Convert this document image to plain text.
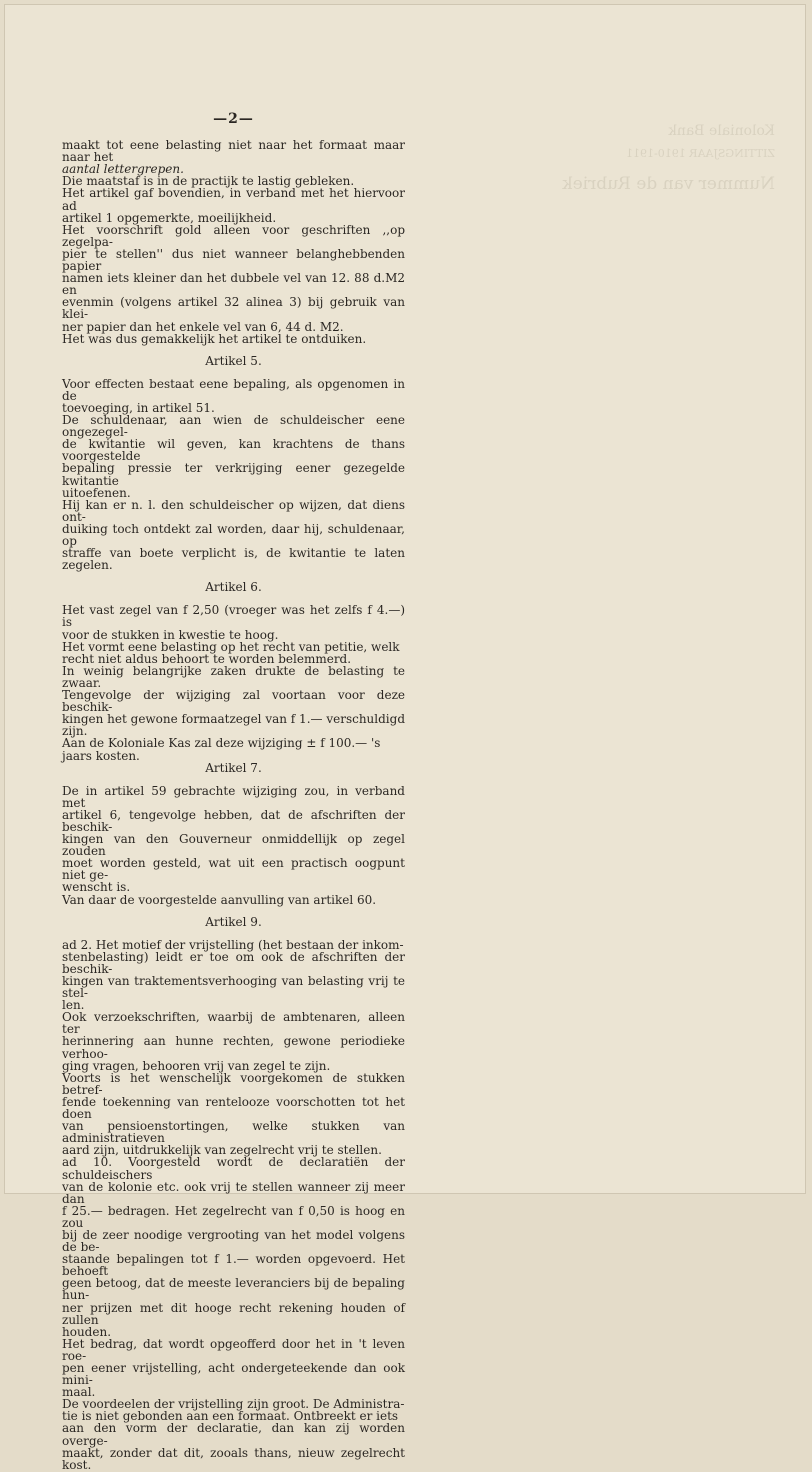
Koloniale Bank
ZITTINGSJAAR 1910-1911
Nummer van de Rubriek
—2—

maakt tot eene belasting niet naar het formaat maar naar het

aantal lettergrepen.

Die maatstaf is in de practijk te lastig gebleken.

Het artikel gaf bovendien, in verband met het hiervoor ad

artikel 1 opgemerkte, moeilijkheid.

Het voorschrift gold alleen voor geschriften ,,op zegelpa-

pier te stellen'' dus niet wanneer belanghebbenden papier

namen iets kleiner dan het dubbele vel van 12. 88 d.M2 en

evenmin (volgens artikel 32 alinea 3) bij gebruik van klei-

ner papier dan het enkele vel van 6, 44 d. M2.

Het was dus gemakkelijk het artikel te ontduiken.

Artikel 5.

Voor effecten bestaat eene bepaling, als opgenomen in de

toevoeging, in artikel 51.

De schuldenaar, aan wien de schuldeischer eene ongezegel-

de kwitantie wil geven, kan krachtens de thans voorgestelde

bepaling pressie ter verkrijging eener gezegelde kwitantie

uitoefenen.

Hij kan er n. l. den schuldeischer op wijzen, dat diens ont-

duiking toch ontdekt zal worden, daar hij, schuldenaar, op

straffe van boete verplicht is, de kwitantie te laten zegelen.

Artikel 6.

Het vast zegel van f 2,50 (vroeger was het zelfs f 4.—) is

voor de stukken in kwestie te hoog.

Het vormt eene belasting op het recht van petitie, welk

recht niet aldus behoort te worden belemmerd.

In weinig belangrijke zaken drukte de belasting te zwaar.

Tengevolge der wijziging zal voortaan voor deze beschik-

kingen het gewone formaatzegel van f 1.— verschuldigd

zijn.

Aan de Koloniale Kas zal deze wijziging ± f 100.— 's

jaars kosten.

Artikel 7.

De in artikel 59 gebrachte wijziging zou, in verband met

artikel 6, tengevolge hebben, dat de afschriften der beschik-

kingen van den Gouverneur onmiddellijk op zegel zouden

moet worden gesteld, wat uit een practisch oogpunt niet ge-

wenscht is.

Van daar de voorgestelde aanvulling van artikel 60.

Artikel 9.

ad 2. Het motief der vrijstelling (het bestaan der inkom-

stenbelasting) leidt er toe om ook de afschriften der beschik-

kingen van traktementsverhooging van belasting vrij te stel-

len.

Ook verzoekschriften, waarbij de ambtenaren, alleen ter

herinnering aan hunne rechten, gewone periodieke verhoo-

ging vragen, behooren vrij van zegel te zijn.

Voorts is het wenschelijk voorgekomen de stukken betref-

fende toekenning van rentelooze voorschotten tot het doen

van pensioenstortingen, welke stukken van administratieven

aard zijn, uitdrukkelijk van zegelrecht vrij te stellen.

ad 10. Voorgesteld wordt de declaratiën der schuldeischers

van de kolonie etc. ook vrij te stellen wanneer zij meer dan

f 25.— bedragen. Het zegelrecht van f 0,50 is hoog en zou

bij de zeer noodige vergrooting van het model volgens de be-

staande bepalingen tot f 1.— worden opgevoerd. Het behoeft

geen betoog, dat de meeste leveranciers bij de bepaling hun-

ner prijzen met dit hooge recht rekening houden of zullen

houden.

Het bedrag, dat wordt opgeofferd door het in 't leven roe-

pen eener vrijstelling, acht ondergeteekende dan ook mini-

maal.

De voordeelen der vrijstelling zijn groot. De Administra-

tie is niet gebonden aan een formaat. Ontbreekt er iets

aan den vorm der declaratie, dan kan zij worden overge-

maakt, zonder dat dit, zooals thans, nieuw zegelrecht kost.
